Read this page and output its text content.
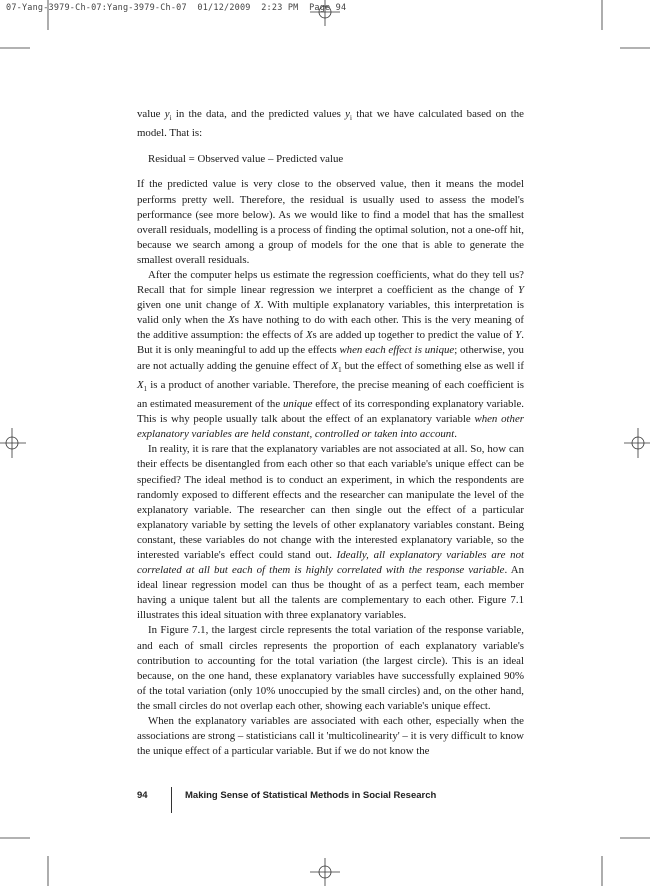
07-Yang-3979-Ch-07:Yang-3979-Ch-07  01/12/2009  2:23 PM  Page 94

value $y_i$ in the data, and the predicted values $y_i$ that we have calculated based on the model. That is:

Residual = Observed value – Predicted value

If the predicted value is very close to the observed value, then it means the model performs pretty well. Therefore, the residual is usually used to assess the model's performance (see more below). As we would like to find a model that has the smallest overall residuals, modelling is a process of finding the optimal solution, not a one-off hit, because we search among a group of models for the one that is able to generate the smallest overall residuals.

After the computer helps us estimate the regression coefficients, what do they tell us? Recall that for simple linear regression we interpret a coefficient as the change of Y given one unit change of X. With multiple explanatory variables, this interpretation is valid only when the Xs have nothing to do with each other. This is the very meaning of the additive assumption: the effects of Xs are added up together to predict the value of Y. But it is only meaningful to add up the effects when each effect is unique; otherwise, you are not actually adding the genuine effect of $X_1$ but the effect of something else as well if $X_1$ is a product of another variable. Therefore, the precise meaning of each coefficient is an estimated measurement of the unique effect of its corresponding explanatory variable. This is why people usually talk about the effect of an explanatory variable when other explanatory variables are held constant, controlled or taken into account.

In reality, it is rare that the explanatory variables are not associated at all. So, how can their effects be disentangled from each other so that each variable's unique effect can be specified? The ideal method is to conduct an experiment, in which the respondents are randomly exposed to different effects and the researcher can manipulate the level of the explanatory variable. The researcher can then single out the effect of a particular explanatory variable by setting the levels of other explanatory variables constant. Being constant, these variables do not change with the interested explanatory variable, so the interested variable's effect could stand out. Ideally, all explanatory variables are not correlated at all but each of them is highly correlated with the response variable. An ideal linear regression model can thus be thought of as a perfect team, each member having a unique talent but all the talents are complementary to each other. Figure 7.1 illustrates this ideal situation with three explanatory variables.

In Figure 7.1, the largest circle represents the total variation of the response variable, and each of small circles represents the proportion of each explanatory variable's contribution to accounting for the total variation (the largest circle). This is an ideal because, on the one hand, these explanatory variables have successfully explained 90% of the total variation (only 10% unoccupied by the small circles) and, on the other hand, the small circles do not overlap each other, showing each variable's unique effect.

When the explanatory variables are associated with each other, especially when the associations are strong – statisticians call it 'multicolinearity' – it is very difficult to know the unique effect of a particular variable. But if we do not know the

94	Making Sense of Statistical Methods in Social Research
